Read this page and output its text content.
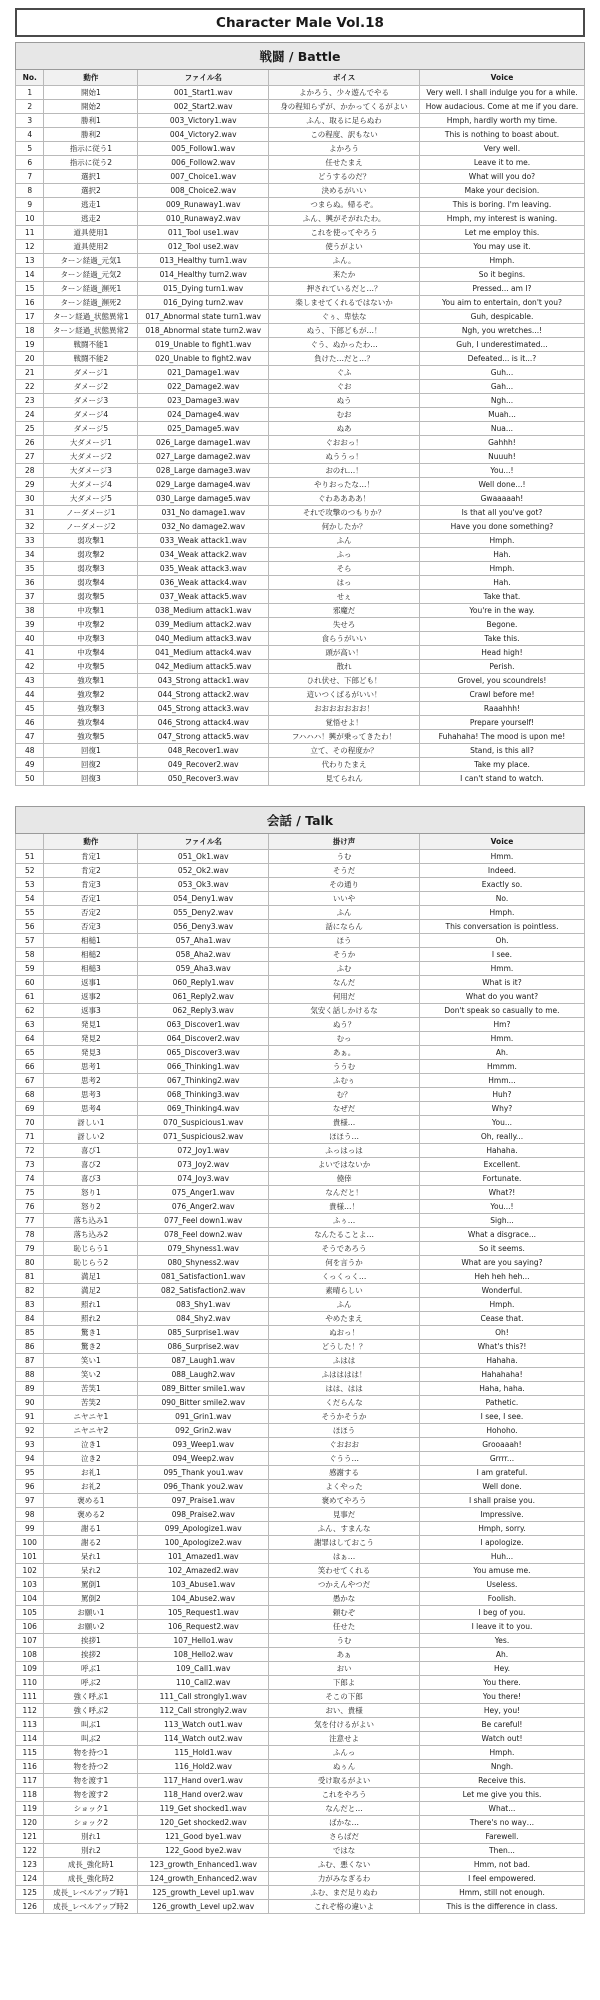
Character Male Vol.18
戦闘 / Battle				
No.	動作	ファイル名	ボイス	Voice
1	開始1	001_Start1.wav	よかろう、少々遊んでやる	Very well. I shall indulge you for a while.
2	開始2	002_Start2.wav	身の程知らずが、かかってくるがよい	How audacious. Come at me if you dare.
3	勝利1	003_Victory1.wav	ふん、取るに足らぬわ	Hmph, hardly worth my time.
4	勝利2	004_Victory2.wav	この程度、訳もない	This is nothing to boast about.
5	指示に従う1	005_Follow1.wav	よかろう	Very well.
6	指示に従う2	006_Follow2.wav	任せたまえ	Leave it to me.
7	選択1	007_Choice1.wav	どうするのだ？	What will you do?
8	選択2	008_Choice2.wav	決めるがいい	Make your decision.
9	逃走1	009_Runaway1.wav	つまらぬ。帰るぞ。	This is boring. I'm leaving.
10	逃走2	010_Runaway2.wav	ふん、興がそがれたわ。	Hmph, my interest is waning.
11	道具使用1	011_Tool use1.wav	これを使ってやろう	Let me employ this.
12	道具使用2	012_Tool use2.wav	使うがよい	You may use it.
13	ターン経過_元気1	013_Healthy turn1.wav	ふん。	Hmph.
14	ターン経過_元気2	014_Healthy turn2.wav	来たか	So it begins.
15	ターン経過_瀕死1	015_Dying turn1.wav	押されているだと…？	Pressed... am I?
16	ターン経過_瀕死2	016_Dying turn2.wav	楽しませてくれるではないか	You aim to entertain, don't you?
17	ターン経過_状態異常1	017_Abnormal state turn1.wav	ぐぅ、卑怯な	Guh, despicable.
18	ターン経過_状態異常2	018_Abnormal state turn2.wav	ぬう、下郎どもが…！	Ngh, you wretches...!
19	戦闘不能1	019_Unable to fight1.wav	ぐう、ぬかったわ…	Guh, I underestimated...
20	戦闘不能2	020_Unable to fight2.wav	負けた…だと…？	Defeated... is it...?
21	ダメージ1	021_Damage1.wav	ぐふ	Guh...
22	ダメージ2	022_Damage2.wav	ぐお	Gah...
23	ダメージ3	023_Damage3.wav	ぬう	Ngh...
24	ダメージ4	024_Damage4.wav	むお	Muah...
25	ダメージ5	025_Damage5.wav	ぬあ	Nua...
26	大ダメージ1	026_Large damage1.wav	ぐおおっ！	Gahhh!
27	大ダメージ2	027_Large damage2.wav	ぬううっ！	Nuuuh!
28	大ダメージ3	028_Large damage3.wav	おのれ…！	You...!
29	大ダメージ4	029_Large damage4.wav	やりおったな…！	Well done...!
30	大ダメージ5	030_Large damage5.wav	ぐわああああ！	Gwaaaaah!
31	ノーダメージ1	031_No damage1.wav	それで攻撃のつもりか？	Is that all you've got?
32	ノーダメージ2	032_No damage2.wav	何かしたか？	Have you done something?
33	弱攻撃1	033_Weak attack1.wav	ふん	Hmph.
34	弱攻撃2	034_Weak attack2.wav	ふっ	Hah.
35	弱攻撃3	035_Weak attack3.wav	そら	Hmph.
36	弱攻撃4	036_Weak attack4.wav	はっ	Hah.
37	弱攻撃5	037_Weak attack5.wav	せぇ	Take that.
38	中攻撃1	038_Medium attack1.wav	邪魔だ	You're in the way.
39	中攻撃2	039_Medium attack2.wav	失せろ	Begone.
40	中攻撃3	040_Medium attack3.wav	食らうがいい	Take this.
41	中攻撃4	041_Medium attack4.wav	頭が高い！	Head high!
42	中攻撃5	042_Medium attack5.wav	散れ	Perish.
43	強攻撃1	043_Strong attack1.wav	ひれ伏せ、下郎ども！	Grovel, you scoundrels!
44	強攻撃2	044_Strong attack2.wav	這いつくばるがいい！	Crawl before me!
45	強攻撃3	045_Strong attack3.wav	おおおおおおお！	Raaahhh!
46	強攻撃4	046_Strong attack4.wav	覚悟せよ！	Prepare yourself!
47	強攻撃5	047_Strong attack5.wav	フハハハ！興が乗ってきたわ！	Fuhahaha! The mood is upon me!
48	回復1	048_Recover1.wav	立て、その程度か？	Stand, is this all?
49	回復2	049_Recover2.wav	代わりたまえ	Take my place.
50	回復3	050_Recover3.wav	見てられん	I can't stand to watch.
会話 / Talk				
	動作	ファイル名	掛け声	Voice
51	肯定1	051_Ok1.wav	うむ	Hmm.
52	肯定2	052_Ok2.wav	そうだ	Indeed.
53	肯定3	053_Ok3.wav	その通り	Exactly so.
54	否定1	054_Deny1.wav	いいや	No.
55	否定2	055_Deny2.wav	ふん	Hmph.
56	否定3	056_Deny3.wav	話にならん	This conversation is pointless.
57	相槌1	057_Aha1.wav	ほう	Oh.
58	相槌2	058_Aha2.wav	そうか	I see.
59	相槌3	059_Aha3.wav	ふむ	Hmm.
60	返事1	060_Reply1.wav	なんだ	What is it?
61	返事2	061_Reply2.wav	何用だ	What do you want?
62	返事3	062_Reply3.wav	気安く話しかけるな	Don't speak so casually to me.
63	発見1	063_Discover1.wav	ぬう？	Hm?
64	発見2	064_Discover2.wav	むっ	Hmm.
65	発見3	065_Discover3.wav	あぁ。	Ah.
66	思考1	066_Thinking1.wav	ううむ	Hmmm.
67	思考2	067_Thinking2.wav	ふむぅ	Hmm...
68	思考3	068_Thinking3.wav	む？	Huh?
69	思考4	069_Thinking4.wav	なぜだ	Why?
70	訝しい1	070_Suspicious1.wav	貴様…	You...
71	訝しい2	071_Suspicious2.wav	ほほう…	Oh, really...
72	喜び1	072_Joy1.wav	ふっはっは	Hahaha.
73	喜び2	073_Joy2.wav	よいではないか	Excellent.
74	喜び3	074_Joy3.wav	僥倖	Fortunate.
75	怒り1	075_Anger1.wav	なんだと！	What?!
76	怒り2	076_Anger2.wav	貴様…！	You...!
77	落ち込み1	077_Feel down1.wav	ふぅ…	Sigh...
78	落ち込み2	078_Feel down2.wav	なんたることよ…	What a disgrace...
79	恥じらう1	079_Shyness1.wav	そうであろう	So it seems.
80	恥じらう2	080_Shyness2.wav	何を言うか	What are you saying?
81	満足1	081_Satisfaction1.wav	くっくっく…	Heh heh heh...
82	満足2	082_Satisfaction2.wav	素晴らしい	Wonderful.
83	照れ1	083_Shy1.wav	ふん	Hmph.
84	照れ2	084_Shy2.wav	やめたまえ	Cease that.
85	驚き1	085_Surprise1.wav	ぬおっ！	Oh!
86	驚き2	086_Surprise2.wav	どうした！？	What's this?!
87	笑い1	087_Laugh1.wav	ふはは	Hahaha.
88	笑い2	088_Laugh2.wav	ふはははは！	Hahahaha!
89	苦笑1	089_Bitter smile1.wav	はは、はは	Haha, haha.
90	苦笑2	090_Bitter smile2.wav	くだらんな	Pathetic.
91	ニヤニヤ1	091_Grin1.wav	そうかそうか	I see, I see.
92	ニヤニヤ2	092_Grin2.wav	ほほう	Hohoho.
93	泣き1	093_Weep1.wav	ぐおおお	Grooaaah!
94	泣き2	094_Weep2.wav	ぐうう…	Grrrr...
95	お礼1	095_Thank you1.wav	感謝する	I am grateful.
96	お礼2	096_Thank you2.wav	よくやった	Well done.
97	褒める1	097_Praise1.wav	褒めてやろう	I shall praise you.
98	褒める2	098_Praise2.wav	見事だ	Impressive.
99	謝る1	099_Apologize1.wav	ふん、すまんな	Hmph, sorry.
100	謝る2	100_Apologize2.wav	謝罪はしておこう	I apologize.
101	呆れ1	101_Amazed1.wav	はぁ…	Huh...
102	呆れ2	102_Amazed2.wav	笑わせてくれる	You amuse me.
103	罵倒1	103_Abuse1.wav	つかえんやつだ	Useless.
104	罵倒2	104_Abuse2.wav	愚かな	Foolish.
105	お願い1	105_Request1.wav	頼むぞ	I beg of you.
106	お願い2	106_Request2.wav	任せた	I leave it to you.
107	挨拶1	107_Hello1.wav	うむ	Yes.
108	挨拶2	108_Hello2.wav	あぁ	Ah.
109	呼ぶ1	109_Call1.wav	おい	Hey.
110	呼ぶ2	110_Call2.wav	下郎よ	You there.
111	強く呼ぶ1	111_Call strongly1.wav	そこの下郎	You there!
112	強く呼ぶ2	112_Call strongly2.wav	おい、貴様	Hey, you!
113	叫ぶ1	113_Watch out1.wav	気を付けるがよい	Be careful!
114	叫ぶ2	114_Watch out2.wav	注意せよ	Watch out!
115	物を持つ1	115_Hold1.wav	ふんっ	Hmph.
116	物を持つ2	116_Hold2.wav	ぬぅん	Nngh.
117	物を渡す1	117_Hand over1.wav	受け取るがよい	Receive this.
118	物を渡す2	118_Hand over2.wav	これをやろう	Let me give you this.
119	ショック1	119_Get shocked1.wav	なんだと…	What...
120	ショック2	120_Get shocked2.wav	ばかな…	There's no way…
121	別れ1	121_Good bye1.wav	さらばだ	Farewell.
122	別れ2	122_Good bye2.wav	ではな	Then...
123	成長_強化時1	123_growth_Enhanced1.wav	ふむ、悪くない	Hmm, not bad.
124	成長_強化時2	124_growth_Enhanced2.wav	力がみなぎるわ	I feel empowered.
125	成長_レベルアップ時1	125_growth_Level up1.wav	ふむ、まだ足りぬわ	Hmm, still not enough.
126	成長_レベルアップ時2	126_growth_Level up2.wav	これぞ格の違いよ	This is the difference in class.
